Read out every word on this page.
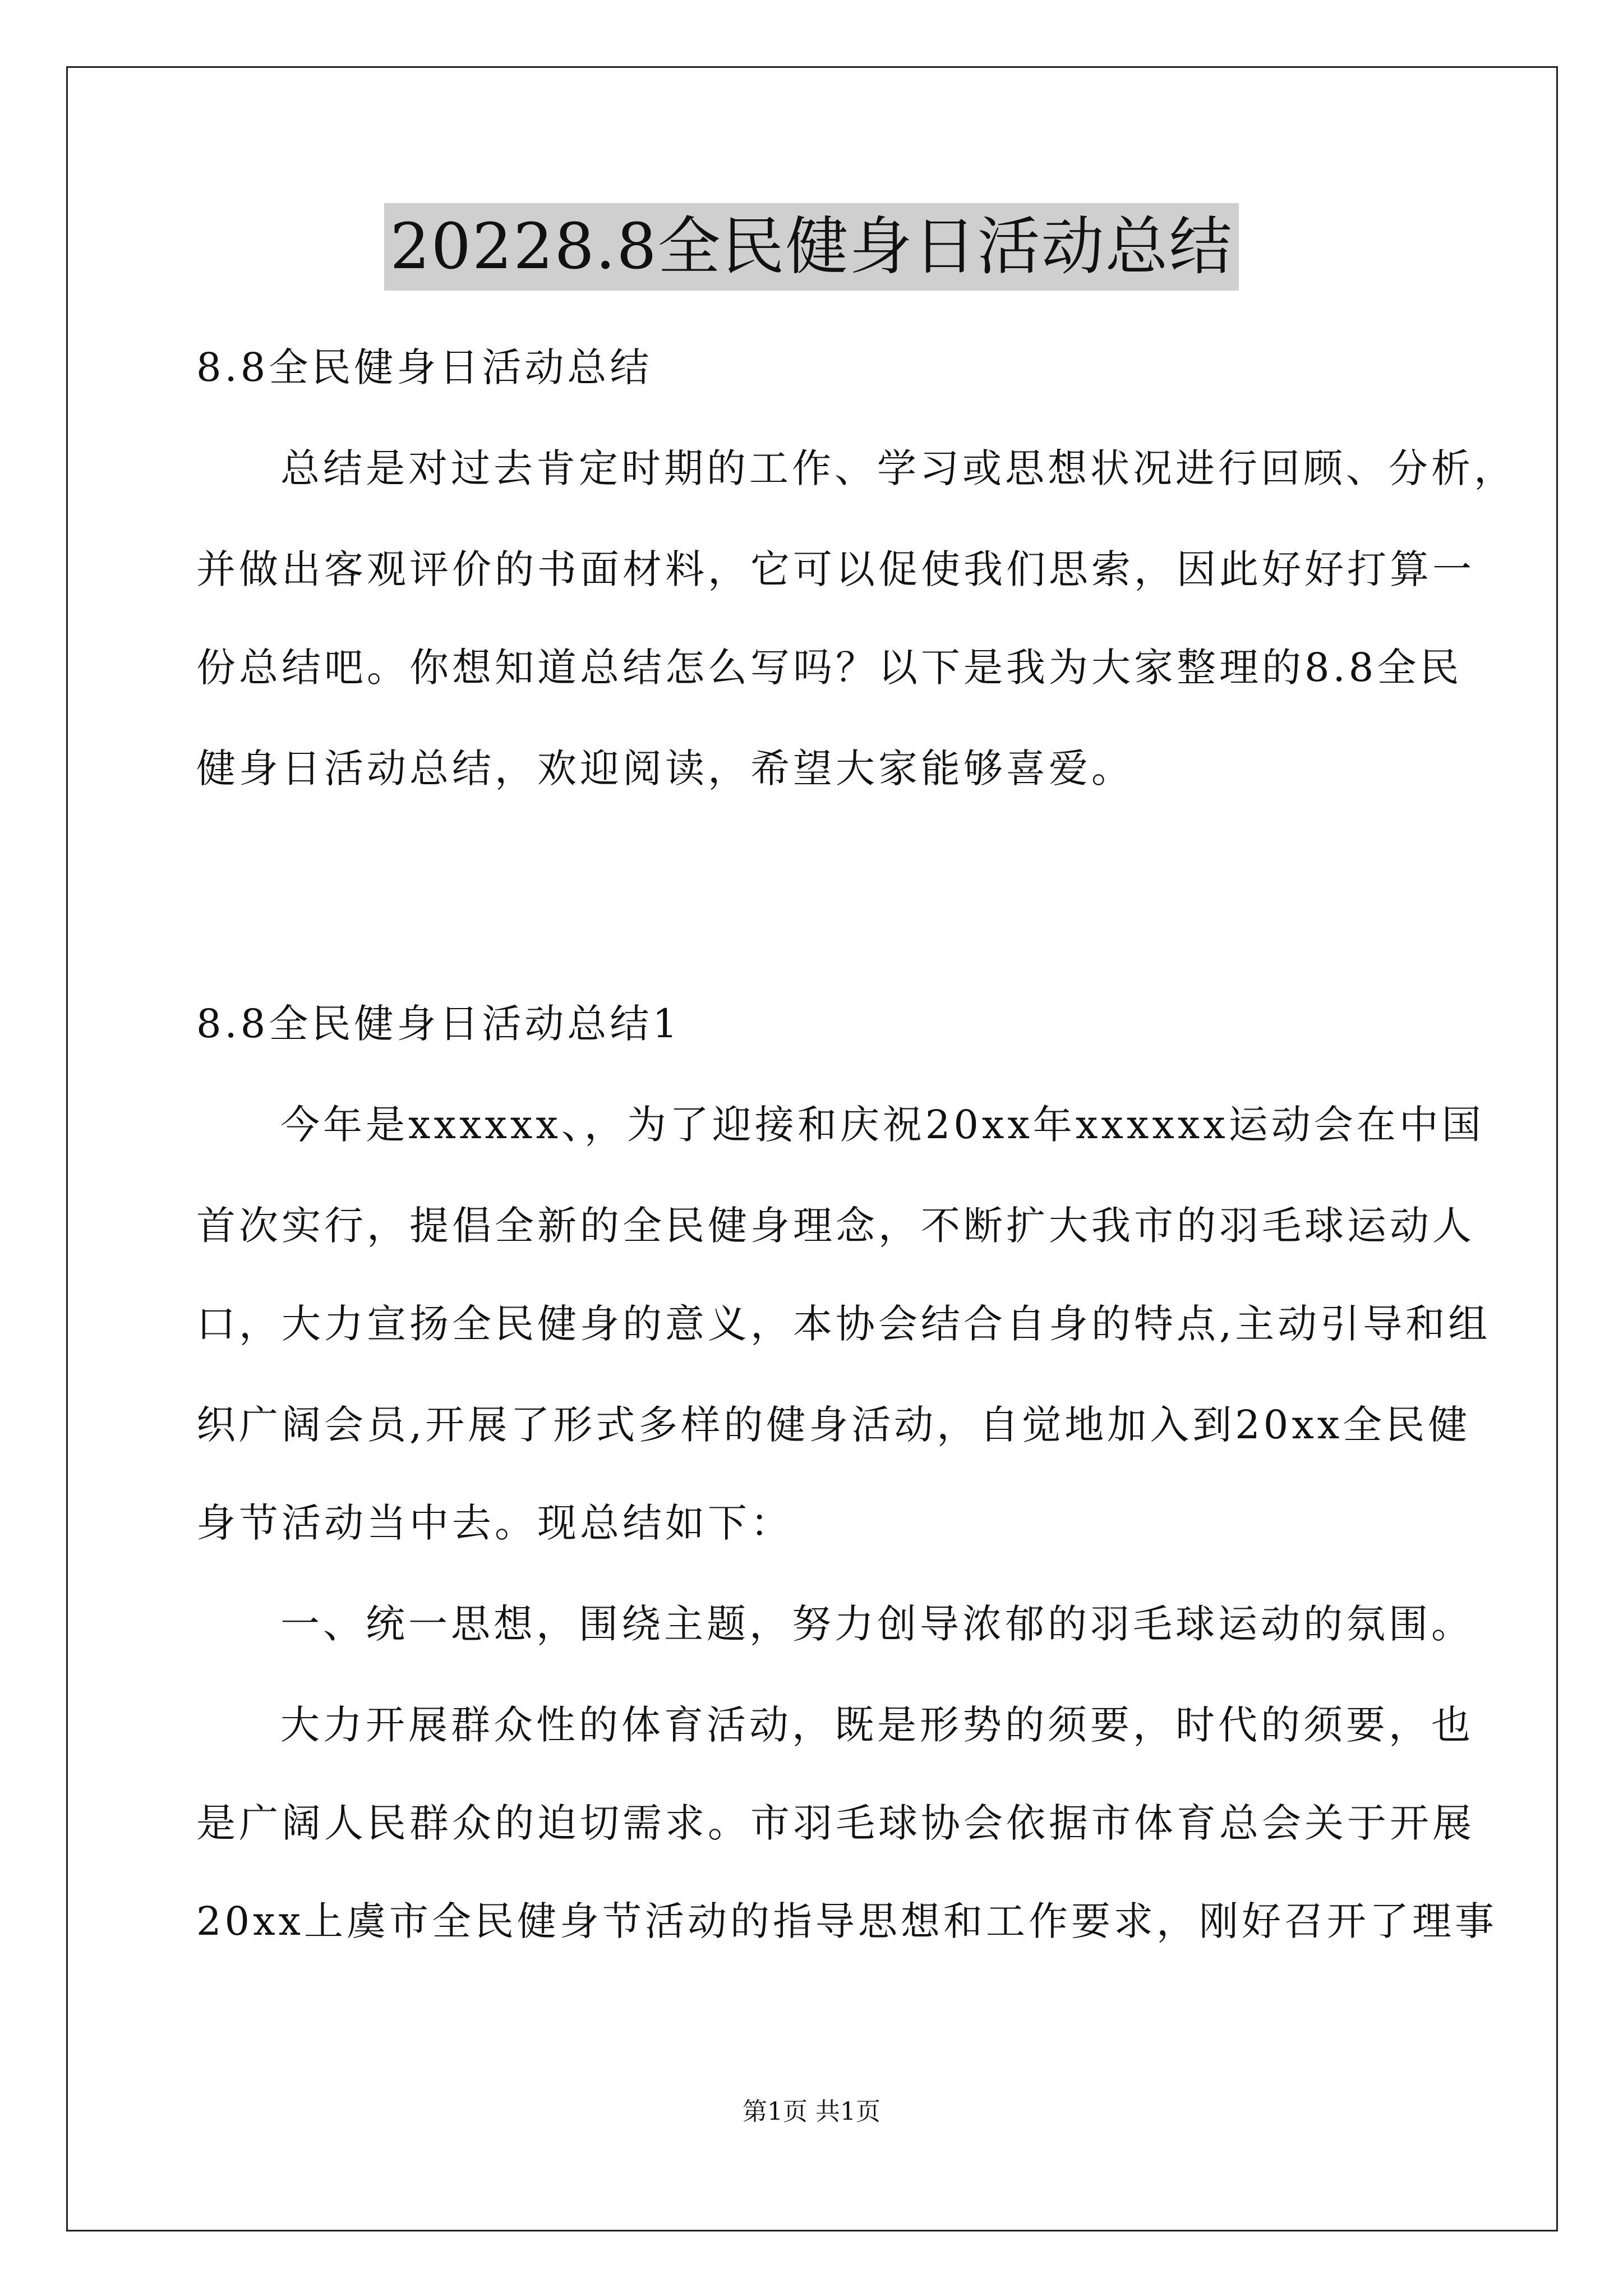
20228.8全民健身日活动总结
8.8全民健身日活动总结
总结是对过去肯定时期的工作、学习或思想状况进行回顾、分析，
并做出客观评价的书面材料，它可以促使我们思索，因此好好打算一
份总结吧。你想知道总结怎么写吗？以下是我为大家整理的8.8全民
健身日活动总结，欢迎阅读，希望大家能够喜爱。
8.8全民健身日活动总结1
今年是xxxxxx、，为了迎接和庆祝20xx年xxxxxx运动会在中国
首次实行，提倡全新的全民健身理念，不断扩大我市的羽毛球运动人
口，大力宣扬全民健身的意义，本协会结合自身的特点,主动引导和组
织广阔会员,开展了形式多样的健身活动，自觉地加入到20xx全民健
身节活动当中去。现总结如下：
一、统一思想，围绕主题，努力创导浓郁的羽毛球运动的氛围。
大力开展群众性的体育活动，既是形势的须要，时代的须要，也
是广阔人民群众的迫切需求。市羽毛球协会依据市体育总会关于开展
20xx上虞市全民健身节活动的指导思想和工作要求，刚好召开了理事
第1页 共1页
